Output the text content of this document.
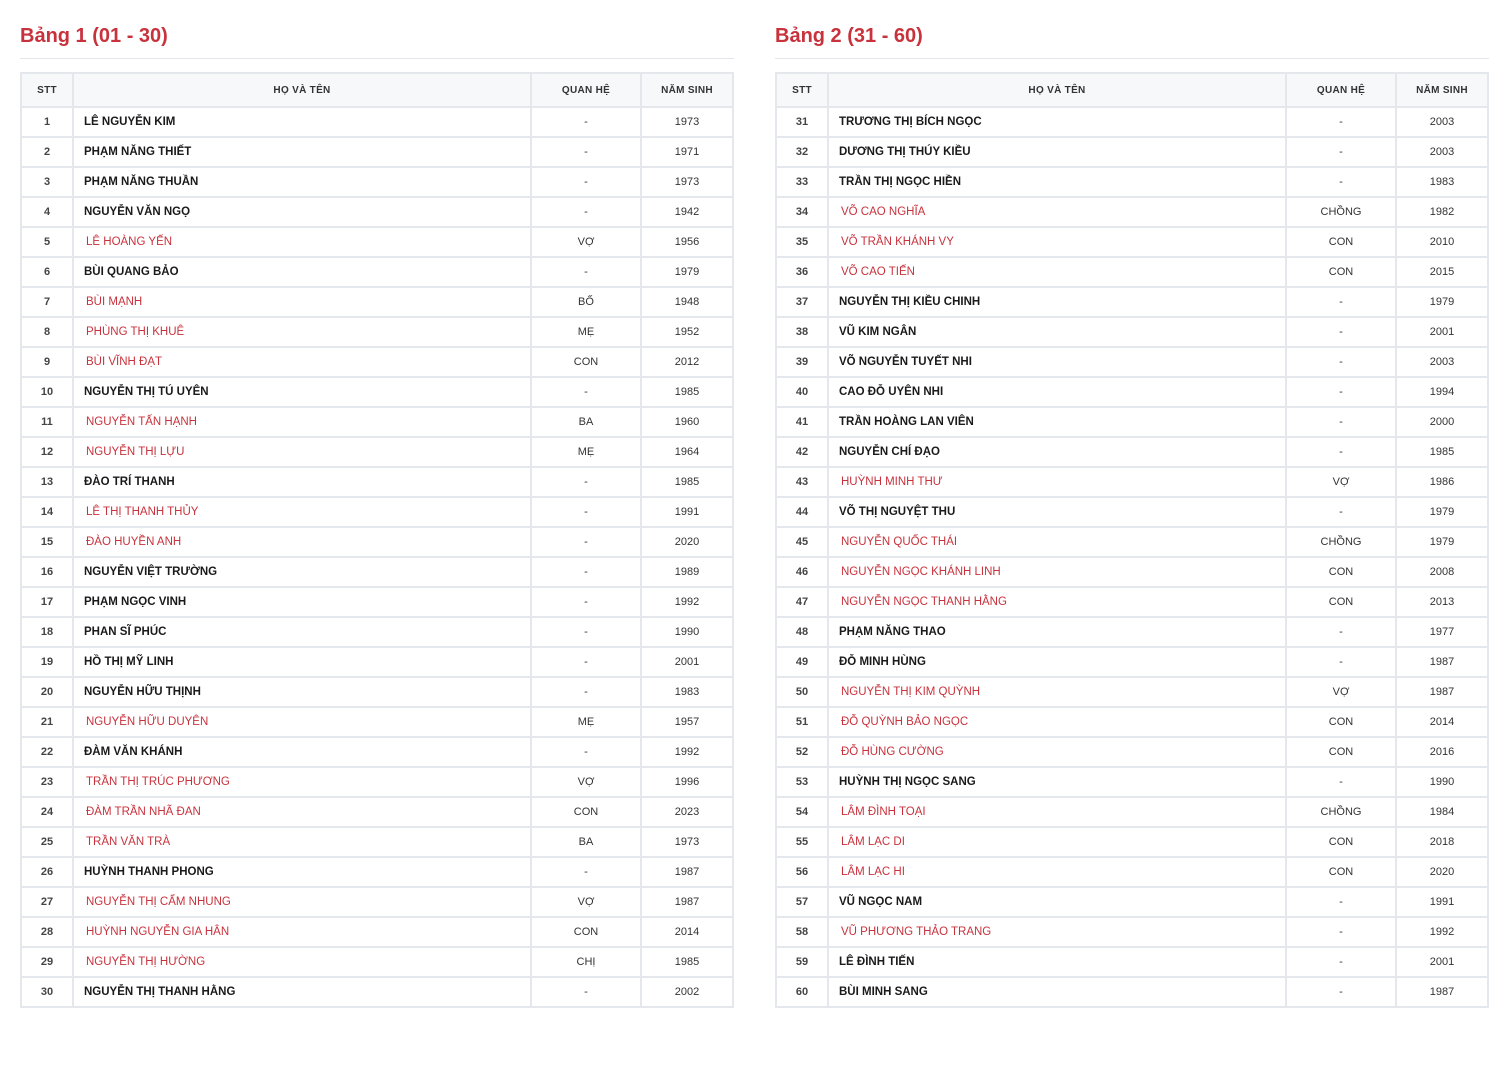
Bảng 1 (01 - 30)
STT	HỌ VÀ TÊN	QUAN HỆ	NĂM SINH
1	LÊ NGUYỄN KIM	-	1973
2	PHẠM NĂNG THIẾT	-	1971
3	PHẠM NĂNG THUẦN	-	1973
4	NGUYỄN VĂN NGỌ	-	1942
5	LÊ HOÀNG YẾN	VỢ	1956
6	BÙI QUANG BẢO	-	1979
7	BÙI MẠNH	BỐ	1948
8	PHÙNG THỊ KHUÊ	MẸ	1952
9	BÙI VĨNH ĐẠT	CON	2012
10	NGUYỄN THỊ TÚ UYÊN	-	1985
11	NGUYỄN TẤN HẠNH	BA	1960
12	NGUYỄN THỊ LỰU	MẸ	1964
13	ĐÀO TRÍ THANH	-	1985
14	LÊ THỊ THANH THỦY	-	1991
15	ĐÀO HUYỀN ANH	-	2020
16	NGUYỄN VIỆT TRƯỜNG	-	1989
17	PHẠM NGỌC VINH	-	1992
18	PHAN SĨ PHÚC	-	1990
19	HỒ THỊ MỸ LINH	-	2001
20	NGUYỄN HỮU THỊNH	-	1983
21	NGUYỄN HỮU DUYÊN	MẸ	1957
22	ĐÀM VĂN KHÁNH	-	1992
23	TRẦN THỊ TRÚC PHƯƠNG	VỢ	1996
24	ĐÀM TRẦN NHÃ ĐAN	CON	2023
25	TRẦN VĂN TRÀ	BA	1973
26	HUỲNH THANH PHONG	-	1987
27	NGUYỄN THỊ CẨM NHUNG	VỢ	1987
28	HUỲNH NGUYỄN GIA HÂN	CON	2014
29	NGUYỄN THỊ HƯỜNG	CHỊ	1985
30	NGUYỄN THỊ THANH HẰNG	-	2002
Bảng 2 (31 - 60)
STT	HỌ VÀ TÊN	QUAN HỆ	NĂM SINH
31	TRƯƠNG THỊ BÍCH NGỌC	-	2003
32	DƯƠNG THỊ THÚY KIỀU	-	2003
33	TRẦN THỊ NGỌC HIỀN	-	1983
34	VÕ CAO NGHĨA	CHỒNG	1982
35	VÕ TRẦN KHÁNH VY	CON	2010
36	VÕ CAO TIẾN	CON	2015
37	NGUYỄN THỊ KIỀU CHINH	-	1979
38	VŨ KIM NGÂN	-	2001
39	VÕ NGUYỄN TUYẾT NHI	-	2003
40	CAO ĐỖ UYÊN NHI	-	1994
41	TRẦN HOÀNG LAN VIÊN	-	2000
42	NGUYỄN CHÍ ĐẠO	-	1985
43	HUỲNH MINH THƯ	VỢ	1986
44	VÕ THỊ NGUYỆT THU	-	1979
45	NGUYỄN QUỐC THÁI	CHỒNG	1979
46	NGUYỄN NGỌC KHÁNH LINH	CON	2008
47	NGUYỄN NGỌC THANH HẰNG	CON	2013
48	PHẠM NĂNG THAO	-	1977
49	ĐỖ MINH HÙNG	-	1987
50	NGUYỄN THỊ KIM QUỲNH	VỢ	1987
51	ĐỖ QUỲNH BẢO NGỌC	CON	2014
52	ĐỖ HÙNG CƯỜNG	CON	2016
53	HUỲNH THỊ NGỌC SANG	-	1990
54	LÂM ĐÌNH TOẠI	CHỒNG	1984
55	LÂM LẠC DI	CON	2018
56	LÂM LẠC HI	CON	2020
57	VŨ NGỌC NAM	-	1991
58	VŨ PHƯƠNG THẢO TRANG	-	1992
59	LÊ ĐÌNH TIẾN	-	2001
60	BÙI MINH SANG	-	1987
